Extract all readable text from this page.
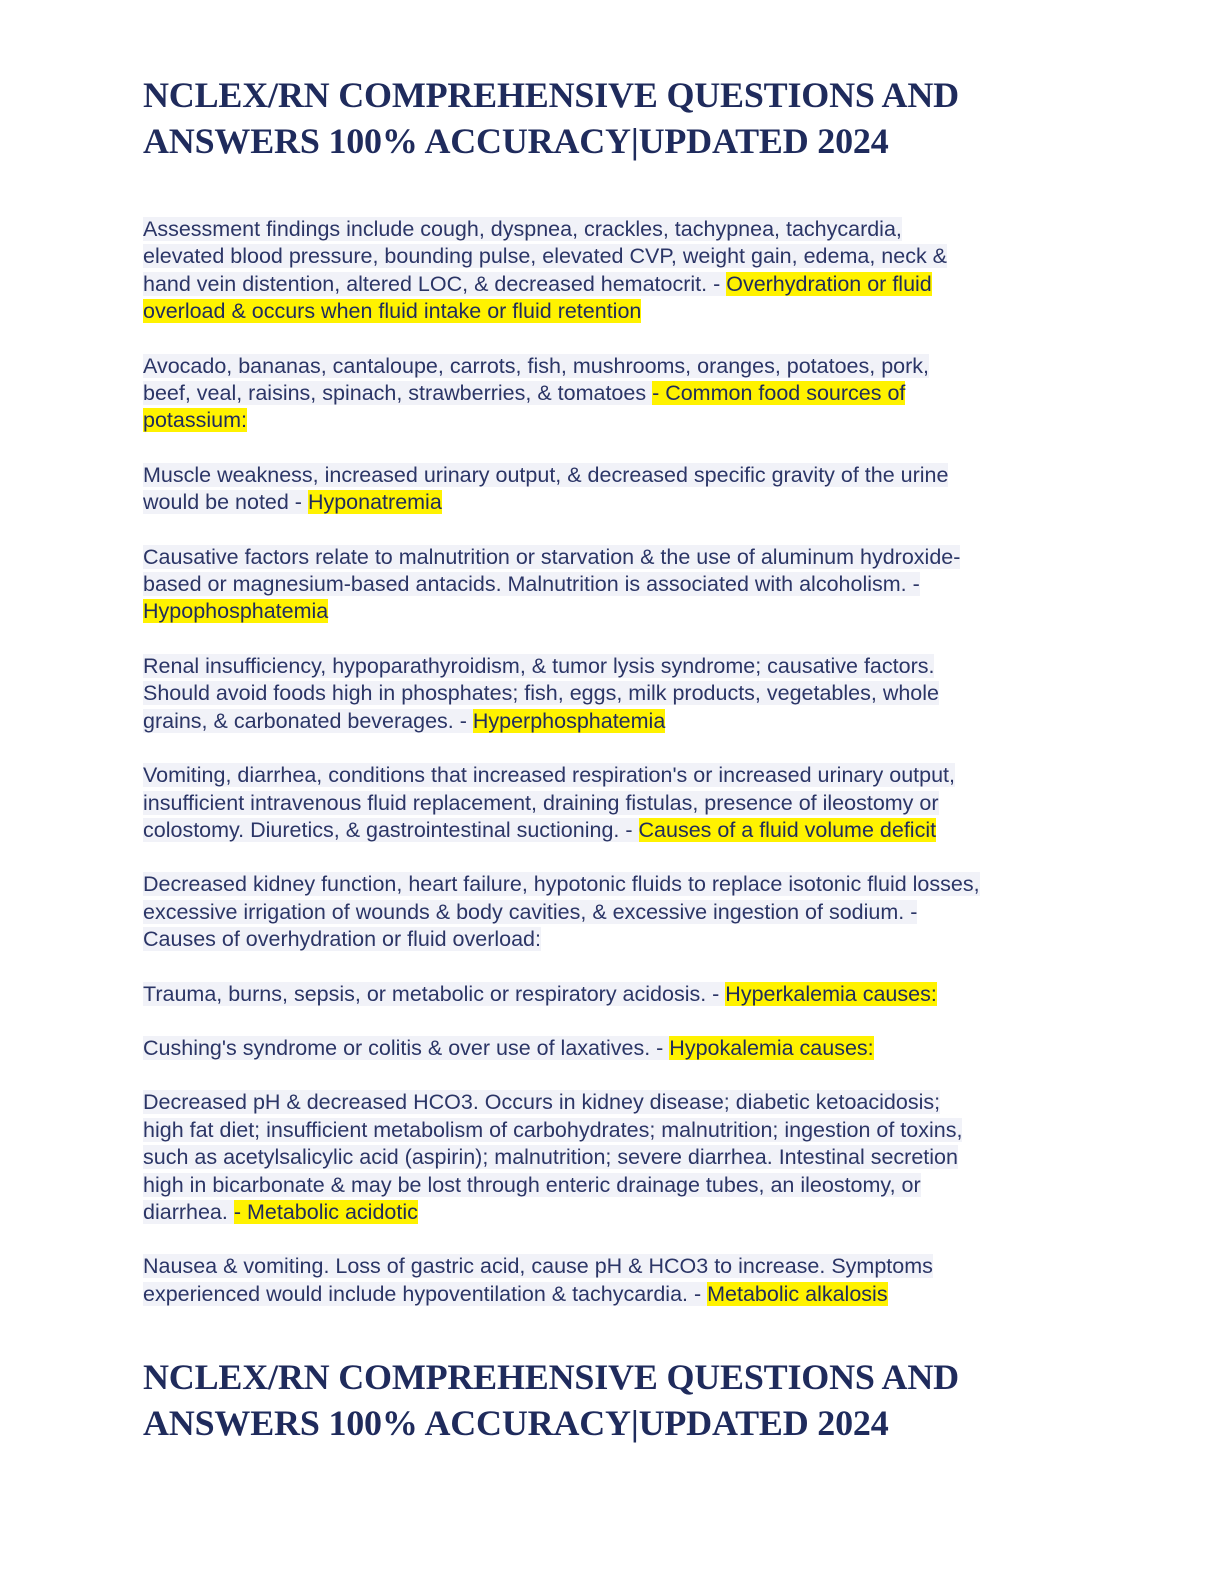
NCLEX/RN COMPREHENSIVE QUESTIONS AND
ANSWERS 100% ACCURACY|UPDATED 2024

Assessment findings include cough, dyspnea, crackles, tachypnea, tachycardia,
elevated blood pressure, bounding pulse, elevated CVP, weight gain, edema, neck &
hand vein distention, altered LOC, & decreased hematocrit. - Overhydration or fluid
overload & occurs when fluid intake or fluid retention

Avocado, bananas, cantaloupe, carrots, fish, mushrooms, oranges, potatoes, pork,
beef, veal, raisins, spinach, strawberries, & tomatoes - Common food sources of
potassium:

Muscle weakness, increased urinary output, & decreased specific gravity of the urine
would be noted - Hyponatremia

Causative factors relate to malnutrition or starvation & the use of aluminum hydroxide-
based or magnesium-based antacids. Malnutrition is associated with alcoholism. -
Hypophosphatemia

Renal insufficiency, hypoparathyroidism, & tumor lysis syndrome; causative factors.
Should avoid foods high in phosphates; fish, eggs, milk products, vegetables, whole
grains, & carbonated beverages. - Hyperphosphatemia

Vomiting, diarrhea, conditions that increased respiration's or increased urinary output,
insufficient intravenous fluid replacement, draining fistulas, presence of ileostomy or
colostomy. Diuretics, & gastrointestinal suctioning. - Causes of a fluid volume deficit

Decreased kidney function, heart failure, hypotonic fluids to replace isotonic fluid losses,
excessive irrigation of wounds & body cavities, & excessive ingestion of sodium. -
Causes of overhydration or fluid overload:

Trauma, burns, sepsis, or metabolic or respiratory acidosis. - Hyperkalemia causes:

Cushing's syndrome or colitis & over use of laxatives. - Hypokalemia causes:

Decreased pH & decreased HCO3. Occurs in kidney disease; diabetic ketoacidosis;
high fat diet; insufficient metabolism of carbohydrates; malnutrition; ingestion of toxins,
such as acetylsalicylic acid (aspirin); malnutrition; severe diarrhea. Intestinal secretion
high in bicarbonate & may be lost through enteric drainage tubes, an ileostomy, or
diarrhea. - Metabolic acidotic

Nausea & vomiting. Loss of gastric acid, cause pH & HCO3 to increase. Symptoms
experienced would include hypoventilation & tachycardia. - Metabolic alkalosis

NCLEX/RN COMPREHENSIVE QUESTIONS AND
ANSWERS 100% ACCURACY|UPDATED 2024
